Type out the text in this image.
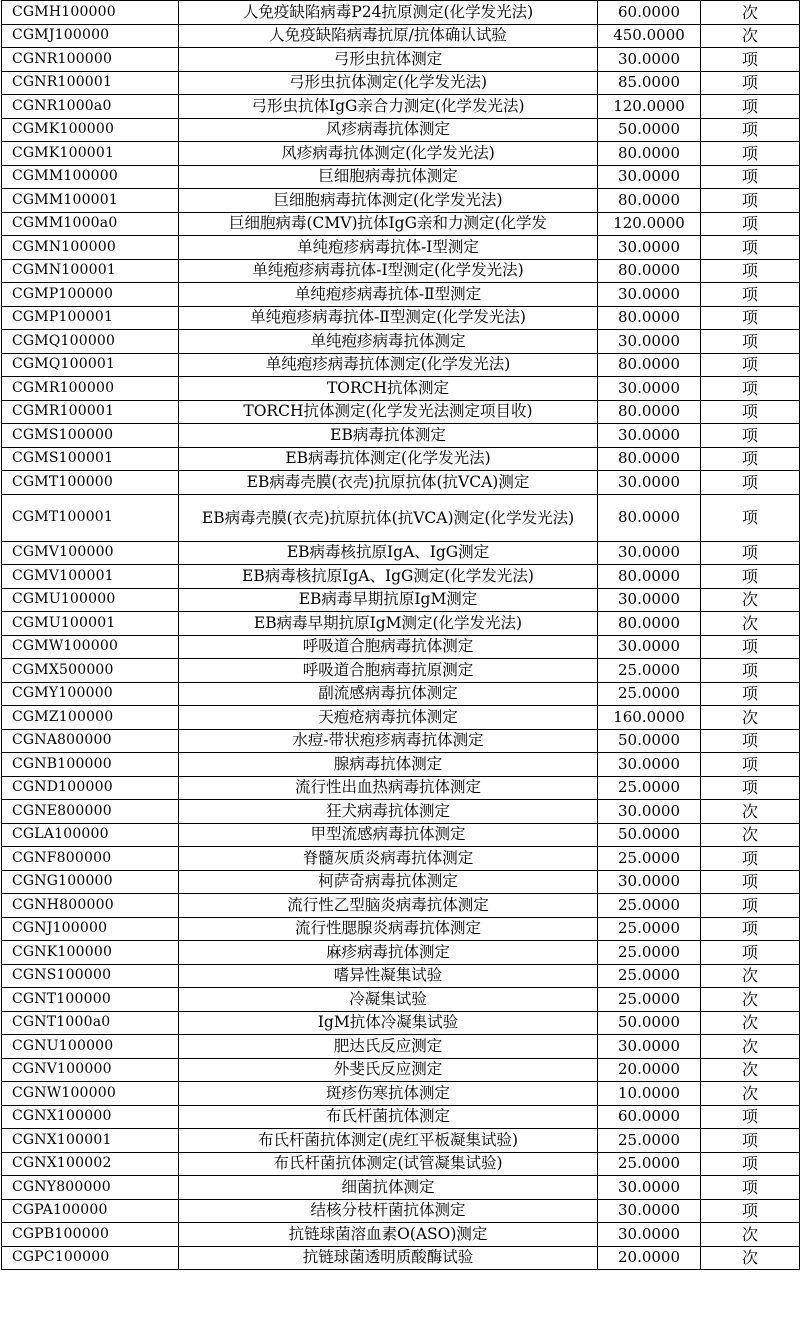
CGMH100000	人免疫缺陷病毒P24抗原测定(化学发光法)	60.0000	次
CGMJ100000	人免疫缺陷病毒抗原/抗体确认试验	450.0000	次
CGNR100000	弓形虫抗体测定	30.0000	项
CGNR100001	弓形虫抗体测定(化学发光法)	85.0000	项
CGNR1000a0	弓形虫抗体IgG亲合力测定(化学发光法)	120.0000	项
CGMK100000	风疹病毒抗体测定	50.0000	项
CGMK100001	风疹病毒抗体测定(化学发光法)	80.0000	项
CGMM100000	巨细胞病毒抗体测定	30.0000	项
CGMM100001	巨细胞病毒抗体测定(化学发光法)	80.0000	项
CGMM1000a0	巨细胞病毒(CMV)抗体IgG亲和力测定(化学发	120.0000	项
CGMN100000	单纯疱疹病毒抗体-Ⅰ型测定	30.0000	项
CGMN100001	单纯疱疹病毒抗体-Ⅰ型测定(化学发光法)	80.0000	项
CGMP100000	单纯疱疹病毒抗体-Ⅱ型测定	30.0000	项
CGMP100001	单纯疱疹病毒抗体-Ⅱ型测定(化学发光法)	80.0000	项
CGMQ100000	单纯疱疹病毒抗体测定	30.0000	项
CGMQ100001	单纯疱疹病毒抗体测定(化学发光法)	80.0000	项
CGMR100000	TORCH抗体测定	30.0000	项
CGMR100001	TORCH抗体测定(化学发光法测定项目收)	80.0000	项
CGMS100000	EB病毒抗体测定	30.0000	项
CGMS100001	EB病毒抗体测定(化学发光法)	80.0000	项
CGMT100000	EB病毒壳膜(衣壳)抗原抗体(抗VCA)测定	30.0000	项
CGMT100001	EB病毒壳膜(衣壳)抗原抗体(抗VCA)测定(化学发光法)	80.0000	项
CGMV100000	EB病毒核抗原IgA、IgG测定	30.0000	项
CGMV100001	EB病毒核抗原IgA、IgG测定(化学发光法)	80.0000	项
CGMU100000	EB病毒早期抗原IgM测定	30.0000	次
CGMU100001	EB病毒早期抗原IgM测定(化学发光法)	80.0000	次
CGMW100000	呼吸道合胞病毒抗体测定	30.0000	项
CGMX500000	呼吸道合胞病毒抗原测定	25.0000	项
CGMY100000	副流感病毒抗体测定	25.0000	项
CGMZ100000	天疱疮病毒抗体测定	160.0000	次
CGNA800000	水痘-带状疱疹病毒抗体测定	50.0000	项
CGNB100000	腺病毒抗体测定	30.0000	项
CGND100000	流行性出血热病毒抗体测定	25.0000	项
CGNE800000	狂犬病毒抗体测定	30.0000	次
CGLA100000	甲型流感病毒抗体测定	50.0000	次
CGNF800000	脊髓灰质炎病毒抗体测定	25.0000	项
CGNG100000	柯萨奇病毒抗体测定	30.0000	项
CGNH800000	流行性乙型脑炎病毒抗体测定	25.0000	项
CGNJ100000	流行性腮腺炎病毒抗体测定	25.0000	项
CGNK100000	麻疹病毒抗体测定	25.0000	项
CGNS100000	嗜异性凝集试验	25.0000	次
CGNT100000	冷凝集试验	25.0000	次
CGNT1000a0	IgM抗体冷凝集试验	50.0000	次
CGNU100000	肥达氏反应测定	30.0000	次
CGNV100000	外斐氏反应测定	20.0000	次
CGNW100000	斑疹伤寒抗体测定	10.0000	次
CGNX100000	布氏杆菌抗体测定	60.0000	项
CGNX100001	布氏杆菌抗体测定(虎红平板凝集试验)	25.0000	项
CGNX100002	布氏杆菌抗体测定(试管凝集试验)	25.0000	项
CGNY800000	细菌抗体测定	30.0000	项
CGPA100000	结核分枝杆菌抗体测定	30.0000	项
CGPB100000	抗链球菌溶血素O(ASO)测定	30.0000	次
CGPC100000	抗链球菌透明质酸酶试验	20.0000	次
